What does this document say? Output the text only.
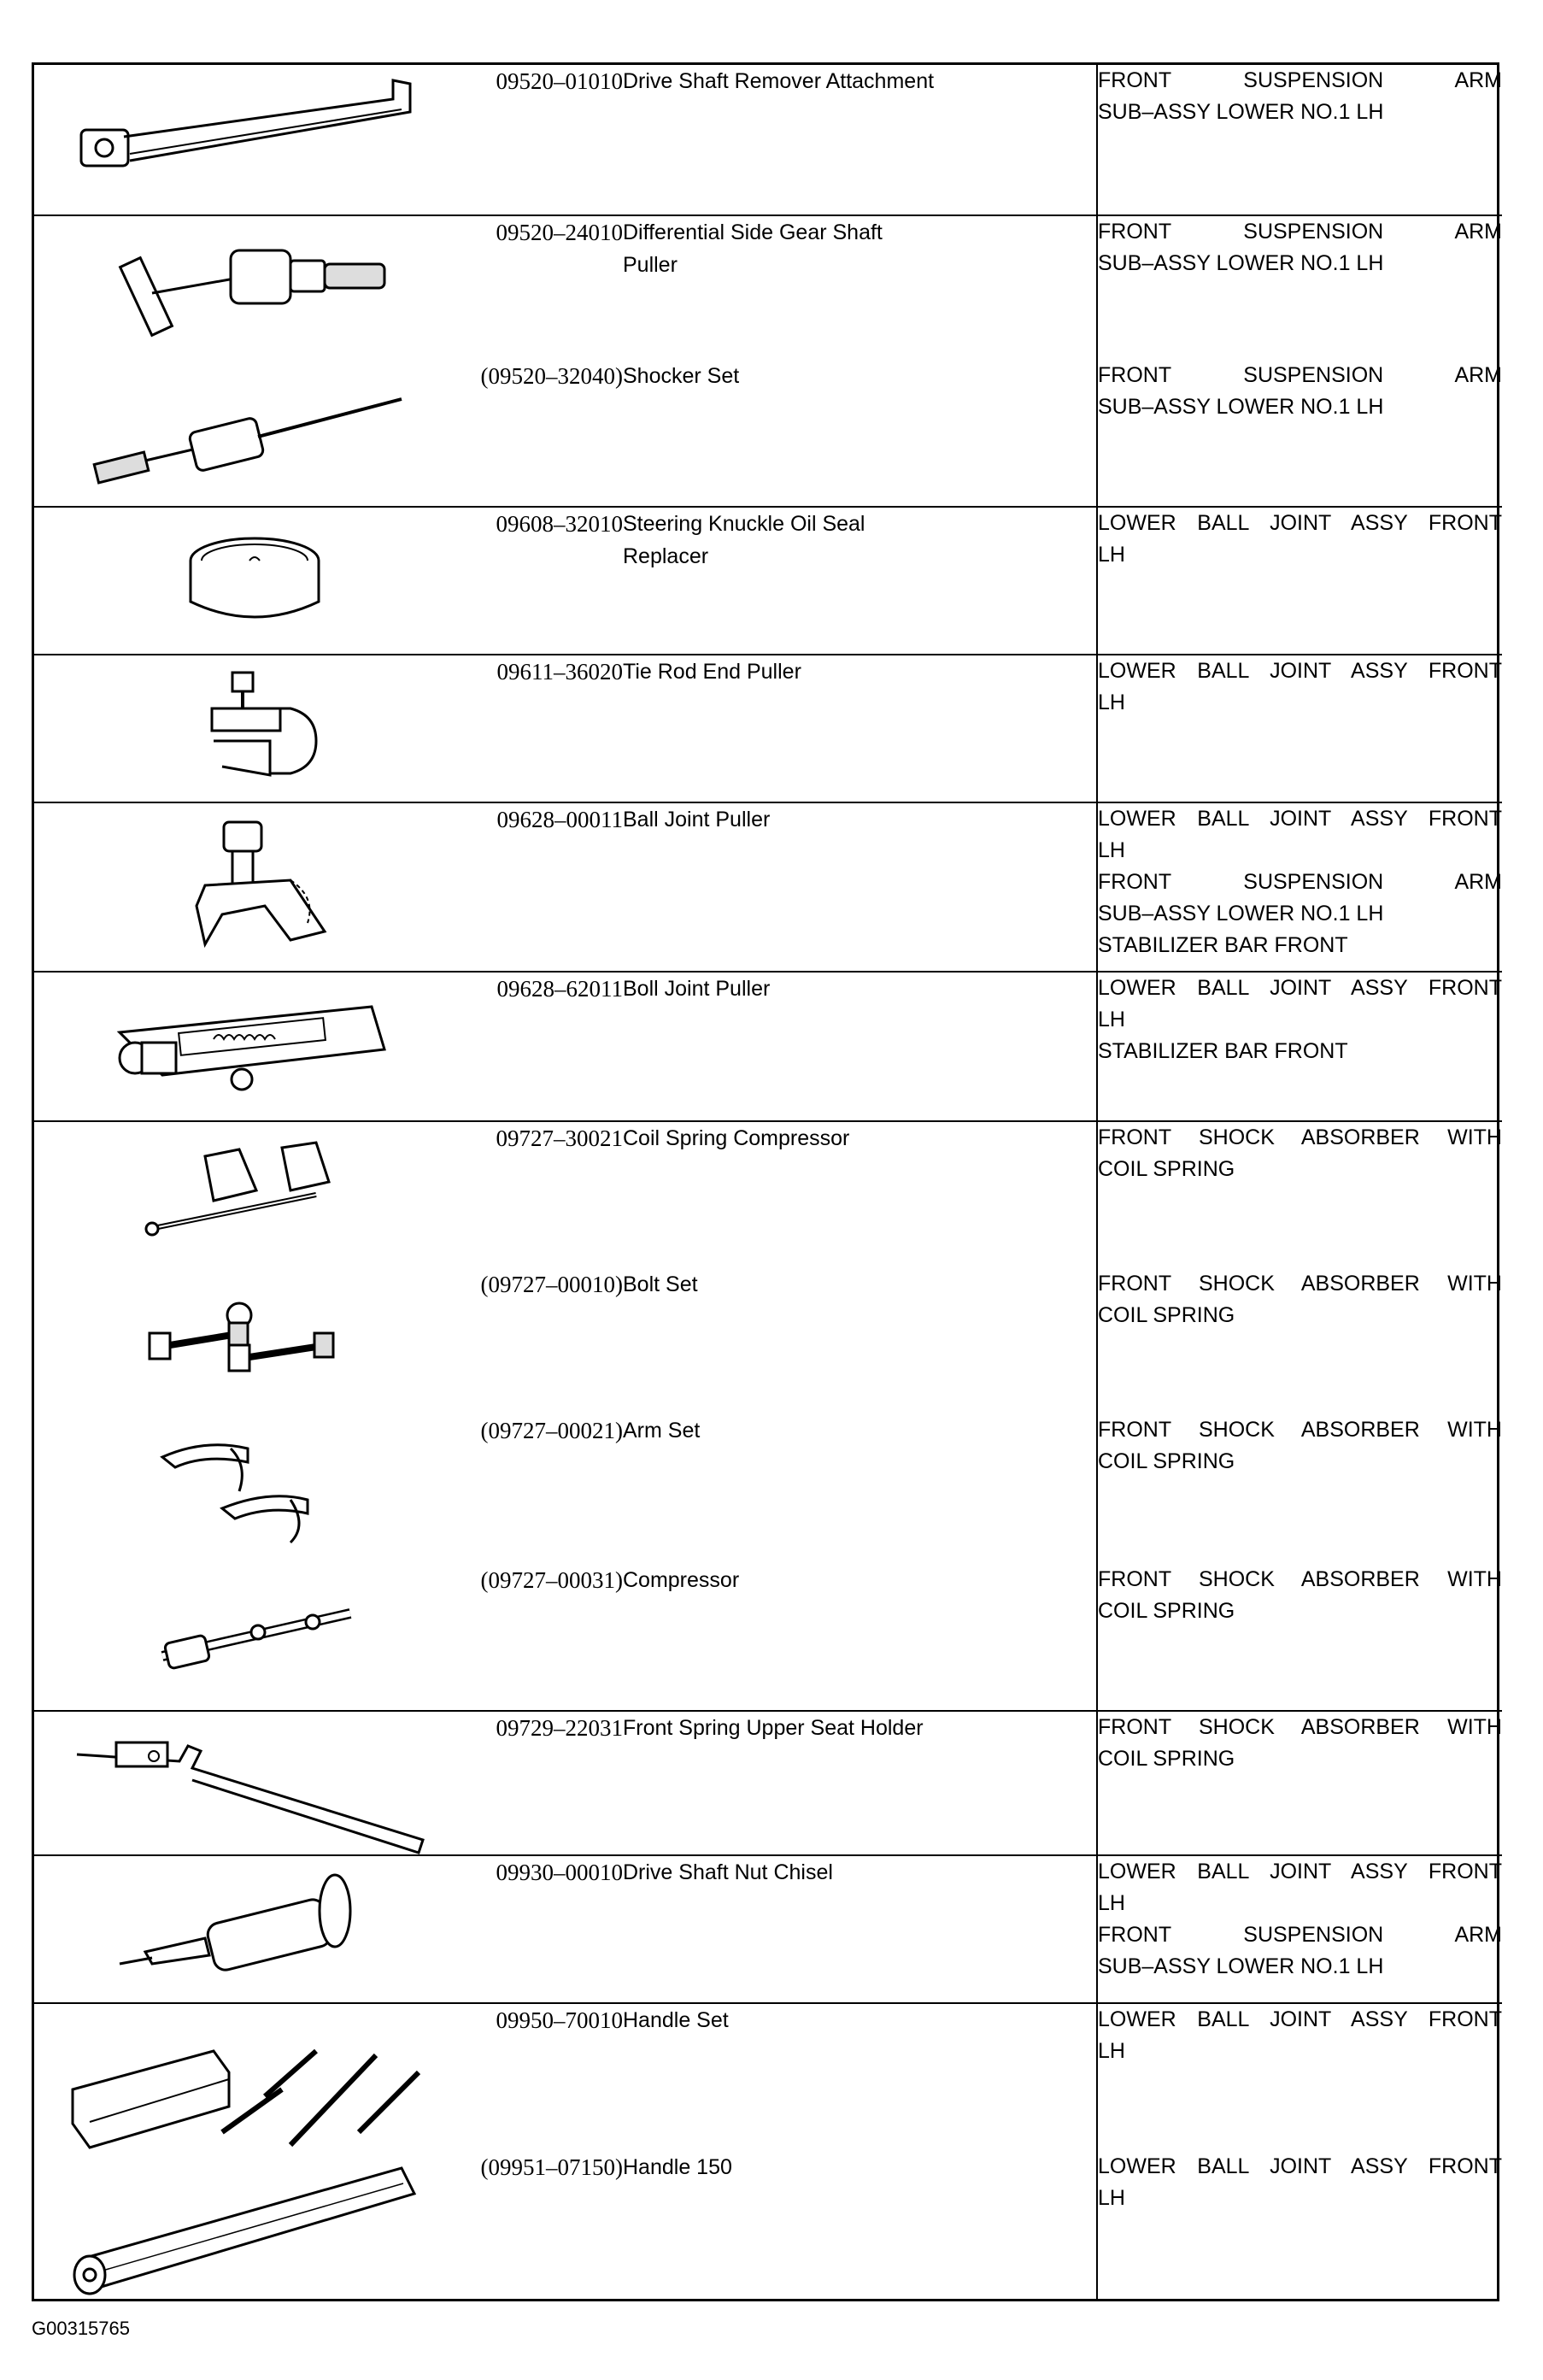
	09520–01010	Drive Shaft Remover Attachment	FRONT SUSPENSION ARM
SUB–ASSY LOWER NO.1 LH

	09520–24010	Differential Side Gear Shaft
Puller	FRONT SUSPENSION ARM
SUB–ASSY LOWER NO.1 LH

	(09520–32040)	Shocker Set	FRONT SUSPENSION ARM
SUB–ASSY LOWER NO.1 LH

	09608–32010	Steering Knuckle Oil Seal
Replacer	LOWER BALL JOINT ASSY FRONT
LH

	09611–36020	Tie Rod End Puller	LOWER BALL JOINT ASSY FRONT
LH

	09628–00011	Ball Joint Puller	LOWER BALL JOINT ASSY FRONT
LH
FRONT SUSPENSION ARM
SUB–ASSY LOWER NO.1 LH
STABILIZER BAR FRONT

	09628–62011	Boll Joint Puller	LOWER BALL JOINT ASSY FRONT
LH
STABILIZER BAR FRONT

	09727–30021	Coil Spring Compressor	FRONT SHOCK ABSORBER WITH
COIL SPRING

	(09727–00010)	Bolt Set	FRONT SHOCK ABSORBER WITH
COIL SPRING

	(09727–00021)	Arm Set	FRONT SHOCK ABSORBER WITH
COIL SPRING

	(09727–00031)	Compressor	FRONT SHOCK ABSORBER WITH
COIL SPRING

	09729–22031	Front Spring Upper Seat Holder	FRONT SHOCK ABSORBER WITH
COIL SPRING

	09930–00010	Drive Shaft Nut Chisel	LOWER BALL JOINT ASSY FRONT
LH
FRONT SUSPENSION ARM
SUB–ASSY LOWER NO.1 LH

	09950–70010	Handle Set	LOWER BALL JOINT ASSY FRONT
LH

	(09951–07150)	Handle 150	LOWER BALL JOINT ASSY FRONT
LH
G00315765
